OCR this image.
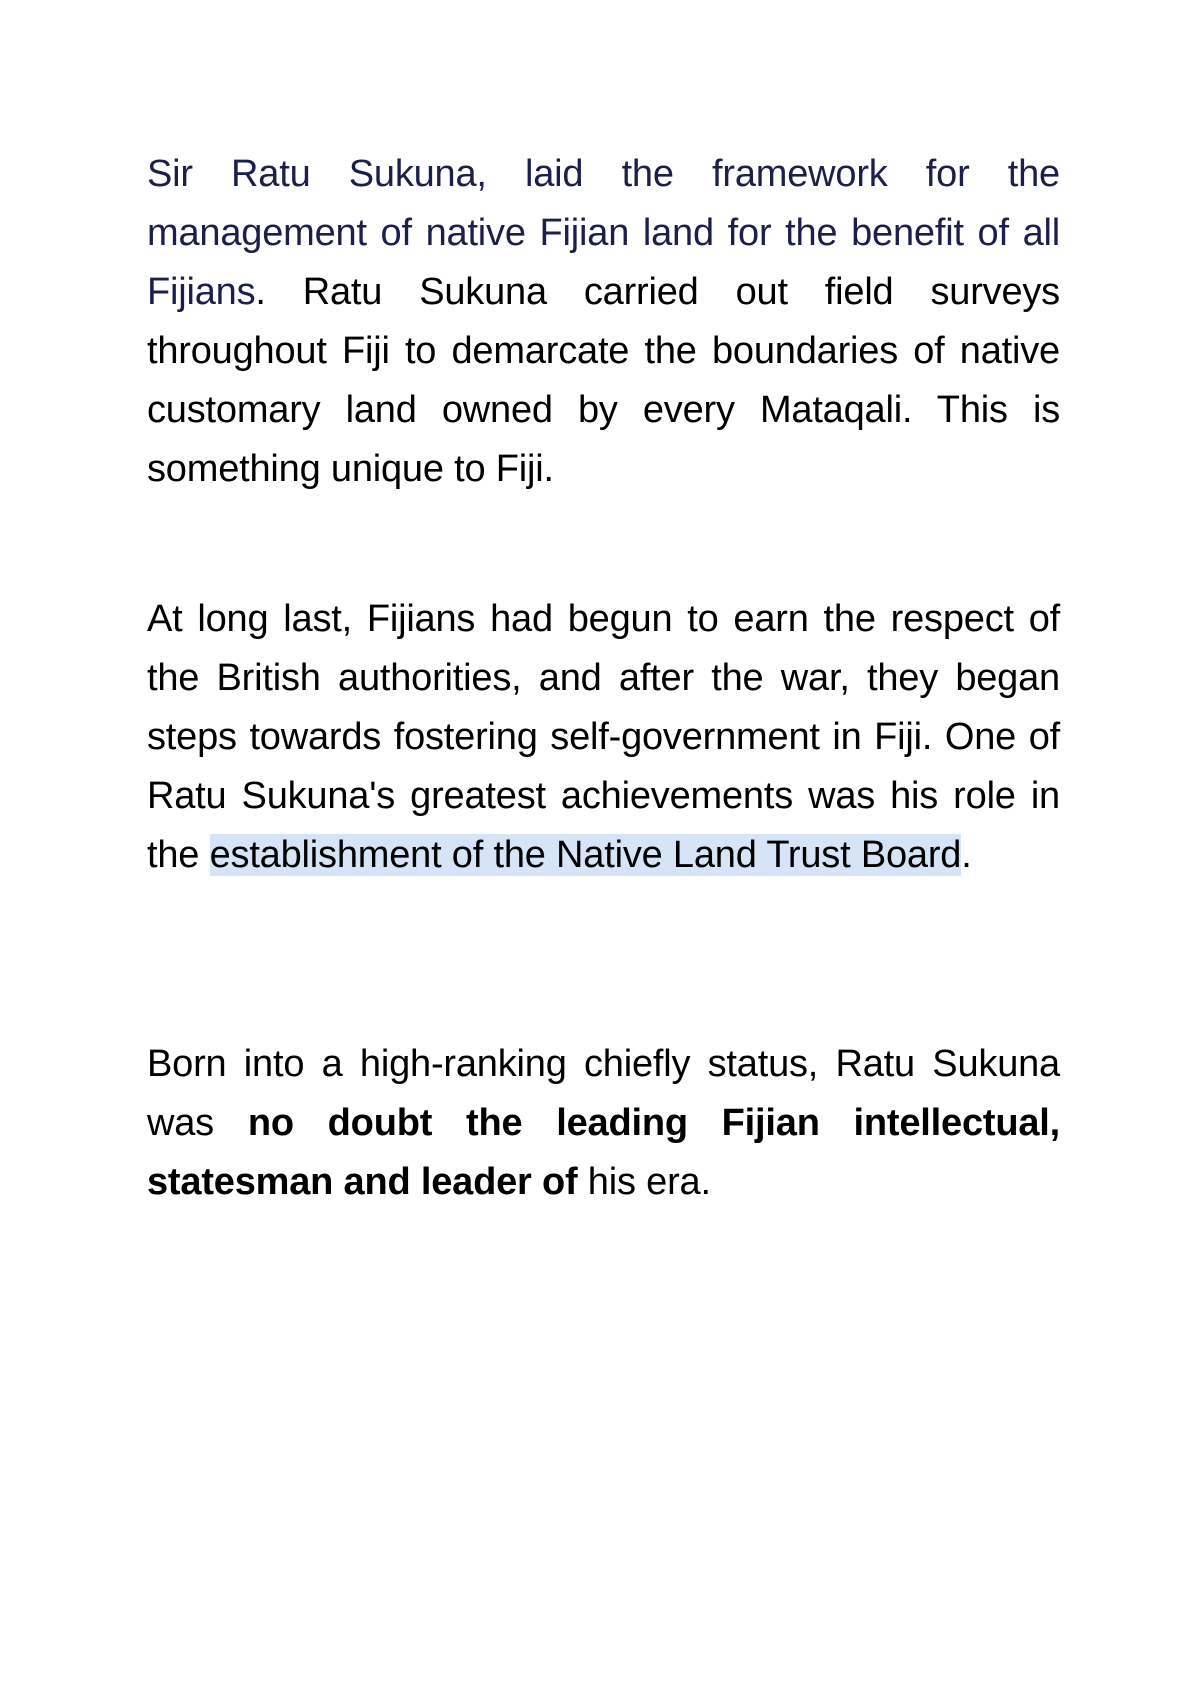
Sir Ratu Sukuna, laid the framework for the management of native Fijian land for the benefit of all Fijians. Ratu Sukuna carried out field surveys throughout Fiji to demarcate the boundaries of native customary land owned by every Mataqali. This is something unique to Fiji.

At long last, Fijians had begun to earn the respect of the British authorities, and after the war, they began steps towards fostering self-government in Fiji. One of Ratu Sukuna's greatest achievements was his role in the establishment of the Native Land Trust Board.

Born into a high-ranking chiefly status, Ratu Sukuna was no doubt the leading Fijian intellectual, statesman and leader of his era.
